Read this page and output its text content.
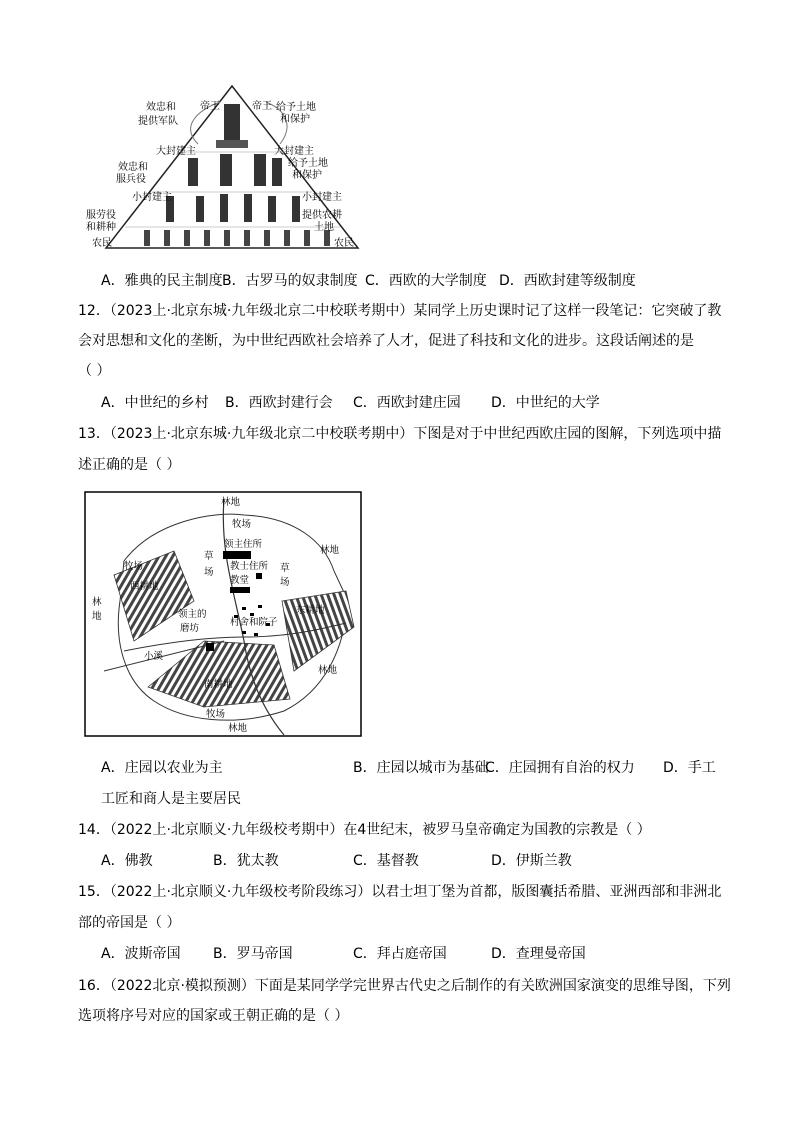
效忠和
提供军队
效忠和
服兵役
服劳役
和耕种
给予土地
和保护
给予土地
和保护
提供农耕
土地
帝王	帝王
大封建主	大封建主
小封建主	小封建主
农民	农民
A．雅典的民主制度 B．古罗马的奴隶制度 C．西欧的大学制度 D．西欧封建等级制度
12．（2023上·北京东城·九年级北京二中校联考期中）某同学上历史课时记了这样一段笔记：它突破了教
会对思想和文化的垄断，为中世纪西欧社会培养了人才，促进了科技和文化的进步。这段话阐述的是
（ ）
A．中世纪的乡村 B．西欧封建行会 C．西欧封建庄园 D．中世纪的大学
13．（2023上·北京东城·九年级北京二中校联考期中）下图是对于中世纪西欧庄园的图解，下列选项中描
述正确的是（ ）
林地
牧场
领主住所
教士住所
教堂
草
场	草
场
林地
牧场
西耕地
林
地	领主的
磨坊
村舍和院子
东耕地
小溪
南耕地
林地
牧场
林地
A．庄园以农业为主	B．庄园以城市为基础
C．庄园拥有自治的权力 D．手工
工匠和商人是主要居民
14．（2022上·北京顺义·九年级校考期中）在4世纪末，被罗马皇帝确定为国教的宗教是（ ）
A．佛教	B．犹太教	C．基督教	D．伊斯兰教
15．（2022上·北京顺义·九年级校考阶段练习）以君士坦丁堡为首都，版图囊括希腊、亚洲西部和非洲北
部的帝国是（ ）
A．波斯帝国 B．罗马帝国	C．拜占庭帝国	D．查理曼帝国
16．（2022北京·模拟预测）下面是某同学学完世界古代史之后制作的有关欧洲国家演变的思维导图，下列
选项将序号对应的国家或王朝正确的是（ ）
